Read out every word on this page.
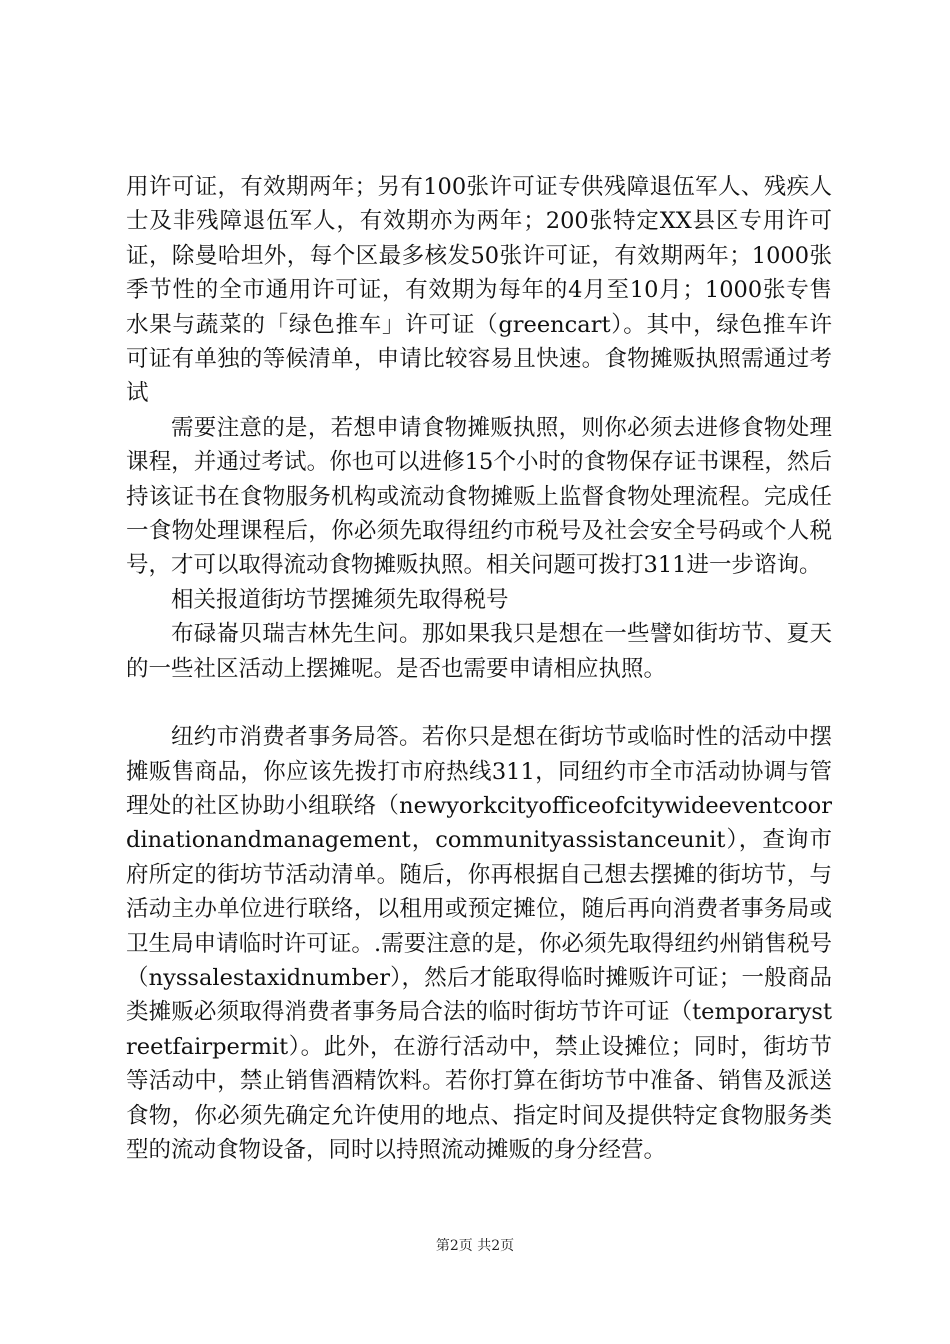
用许可证，有效期两年；另有100张许可证专供残障退伍军人、残疾人士及非残障退伍军人，有效期亦为两年；200张特定XX县区专用许可证，除曼哈坦外，每个区最多核发50张许可证，有效期两年；1000张季节性的全市通用许可证，有效期为每年的4月至10月；1000张专售水果与蔬菜的「绿色推车」许可证（greencart）。其中，绿色推车许可证有单独的等候清单，申请比较容易且快速。食物摊贩执照需通过考试

需要注意的是，若想申请食物摊贩执照，则你必须去进修食物处理课程，并通过考试。你也可以进修15个小时的食物保存证书课程，然后持该证书在食物服务机构或流动食物摊贩上监督食物处理流程。完成任一食物处理课程后，你必须先取得纽约市税号及社会安全号码或个人税号，才可以取得流动食物摊贩执照。相关问题可拨打311进一步谘询。

相关报道街坊节摆摊须先取得税号

布碌崙贝瑞吉林先生问。那如果我只是想在一些譬如街坊节、夏天的一些社区活动上摆摊呢。是否也需要申请相应执照。

纽约市消费者事务局答。若你只是想在街坊节或临时性的活动中摆摊贩售商品，你应该先拨打市府热线311，同纽约市全市活动协调与管理处的社区协助小组联络（newyorkcityofficeofcitywideeventcoordinationandmanagement，communityassistanceunit），查询市府所定的街坊节活动清单。随后，你再根据自己想去摆摊的街坊节，与活动主办单位进行联络，以租用或预定摊位，随后再向消费者事务局或卫生局申请临时许可证。.需要注意的是，你必须先取得纽约州销售税号（nyssalestaxidnumber），然后才能取得临时摊贩许可证；一般商品类摊贩必须取得消费者事务局合法的临时街坊节许可证（temporarystreetfairpermit）。此外，在游行活动中，禁止设摊位；同时，街坊节等活动中，禁止销售酒精饮料。若你打算在街坊节中准备、销售及派送食物，你必须先确定允许使用的地点、指定时间及提供特定食物服务类型的流动食物设备，同时以持照流动摊贩的身分经营。

第2页 共2页
